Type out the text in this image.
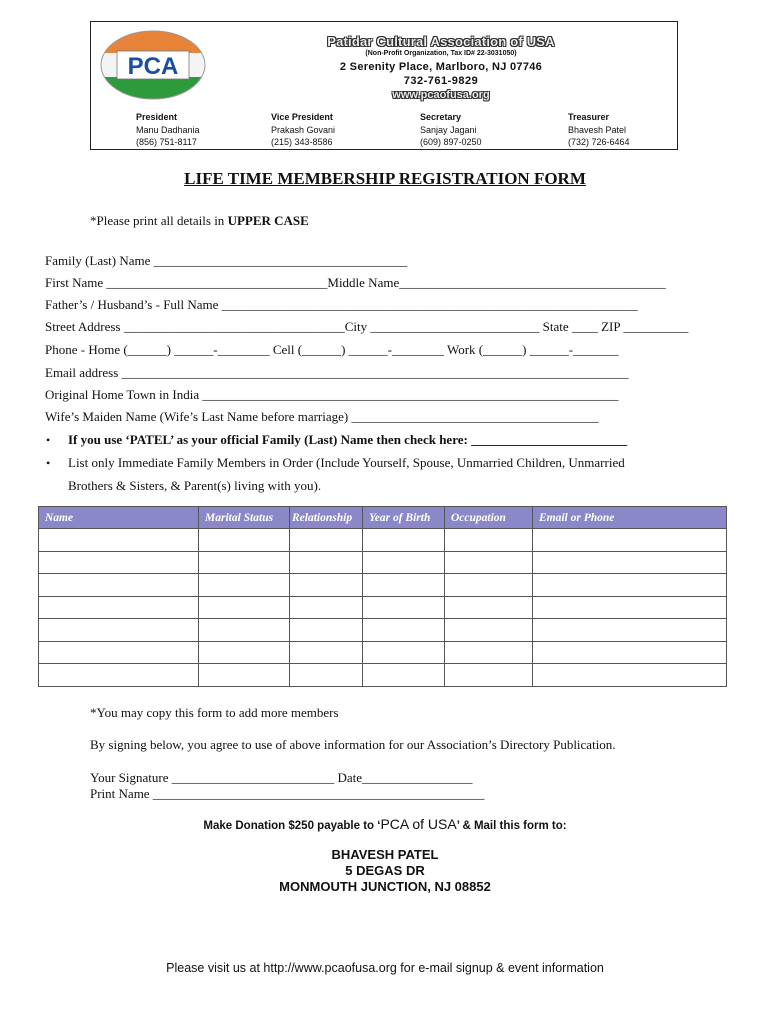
PCA
Patidar Cultural Association of USA
(Non-Profit Organization, Tax ID# 22-3031050)
2 Serenity Place, Marlboro, NJ 07746
732-761-9829
www.pcaofusa.org
President
Manu Dadhania
(856) 751-8117
Vice President
Prakash Govani
(215) 343-8586
Secretary
Sanjay Jagani
(609) 897-0250
Treasurer
Bhavesh Patel
(732) 726-6464
LIFE TIME MEMBERSHIP REGISTRATION FORM
*Please print all details in UPPER CASE
Family (Last) Name _______________________________________
First Name __________________________________Middle Name_________________________________________
Father’s / Husband’s - Full Name ________________________________________________________________
Street Address __________________________________City __________________________ State ____ ZIP __________
Phone - Home (______) ______-________ Cell (______) ______-________ Work (______) ______-_______
Email address ______________________________________________________________________________
Original Home Town in India ________________________________________________________________
Wife’s Maiden Name (Wife’s Last Name before marriage) ______________________________________
• If you use ‘PATEL’ as your official Family (Last) Name then check here: ________________________
• List only Immediate Family Members in Order (Include Yourself, Spouse, Unmarried Children, Unmarried
Brothers & Sisters, & Parent(s) living with you).
Name	Marital Status	Relationship	Year of Birth	Occupation	Email or Phone

*You may copy this form to add more members
By signing below, you agree to use of above information for our Association’s Directory Publication.
Your Signature _________________________ Date_________________
Print Name ___________________________________________________
Make Donation $250 payable to ‘PCA of USA’ & Mail this form to:
BHAVESH PATEL
5 DEGAS DR
MONMOUTH JUNCTION, NJ 08852
Please visit us at http://www.pcaofusa.org for e-mail signup & event information
